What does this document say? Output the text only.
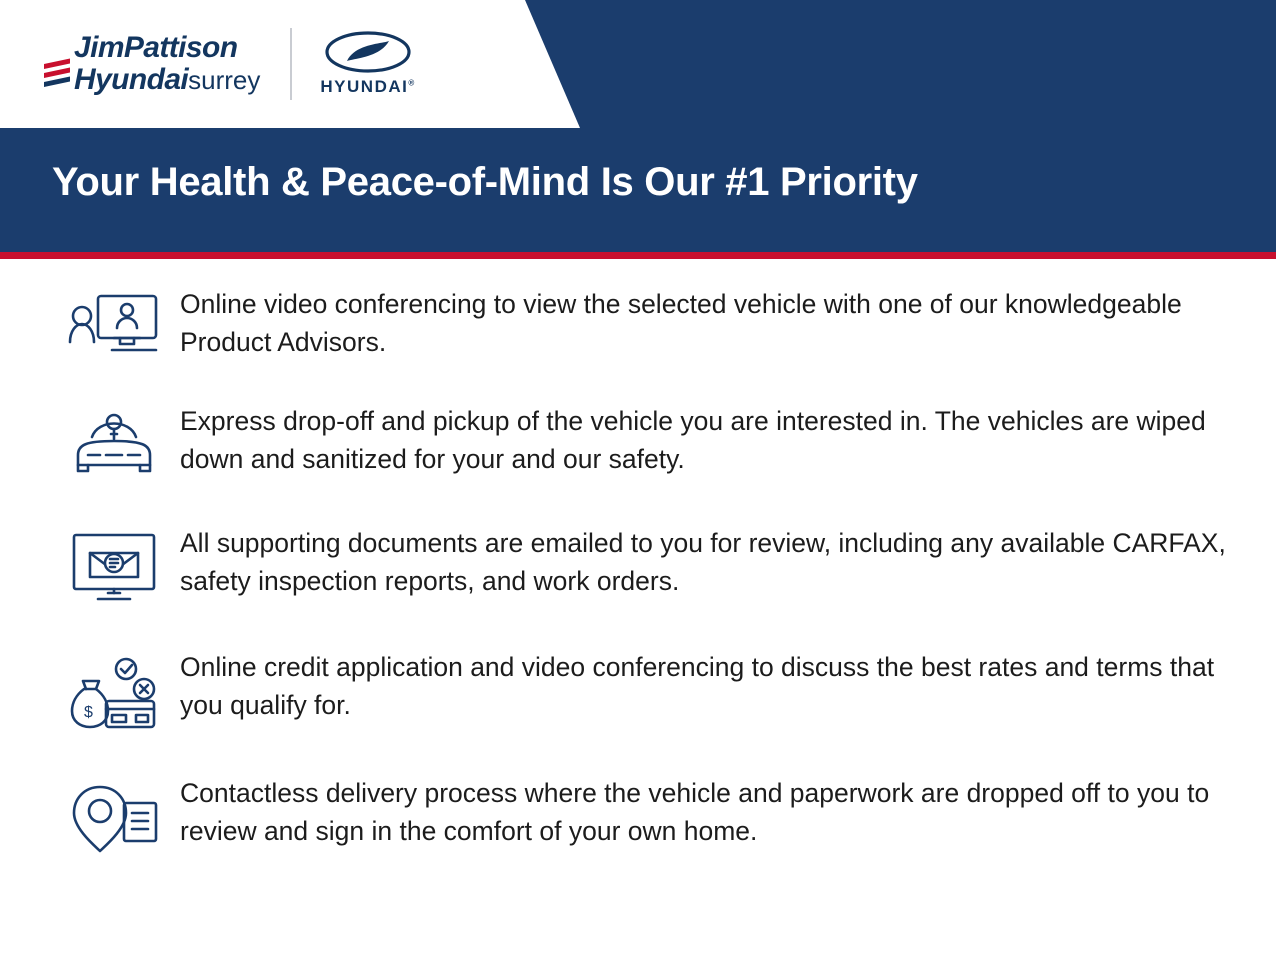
JimPattison
Hyundaisurrey	HYUNDAI®
Your Health & Peace-of-Mind Is Our #1 Priority
Online video conferencing to view the selected vehicle with one of our knowledgeable Product Advisors.
Express drop-off and pickup of the vehicle you are interested in. The vehicles are wiped down and sanitized for your and our safety.
All supporting documents are emailed to you for review, including any available CARFAX, safety inspection reports, and work orders.
$
Online credit application and video conferencing to discuss the best rates and terms that you qualify for.
Contactless delivery process where the vehicle and paperwork are dropped off to you to review and sign in the comfort of your own home.
